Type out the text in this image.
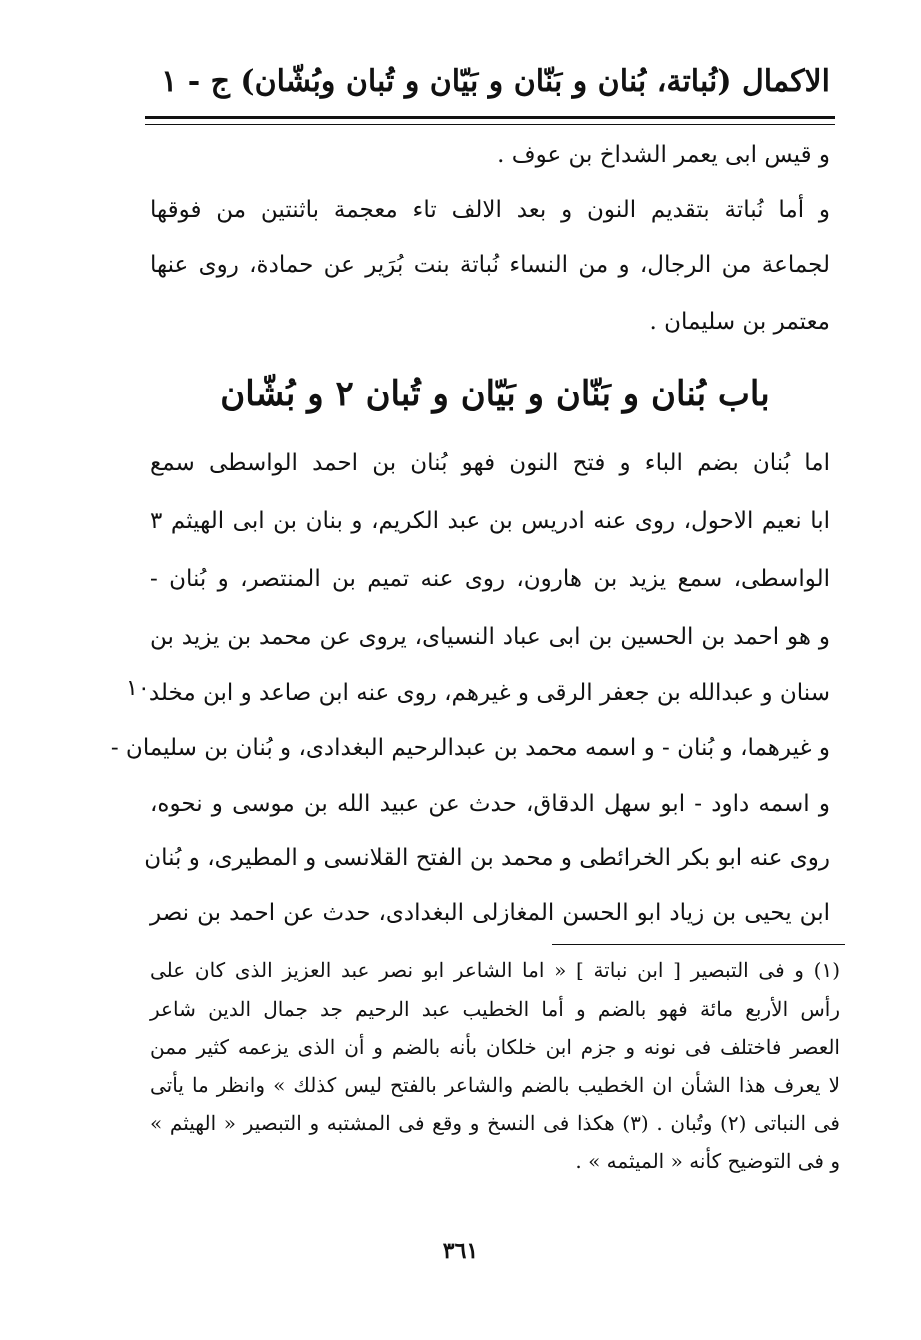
الاكمال (نُباتة، بُنان و بَنّان و بَيّان و تُبان وبُشّان) ج - ١
و قيس ابى يعمر الشداخ بن عوف .
و أما نُباتة بتقديم النون و بعد الالف تاء معجمة باثنتين من فوقها
لجماعة من الرجال، و من النساء نُباتة بنت بُرَير عن حمادة، روى عنها
معتمر بن سليمان .
باب بُنان و بَنّان و بَيّان و تُبان ٢ و بُشّان
اما بُنان بضم الباء و فتح النون فهو بُنان بن احمد الواسطى سمع
ابا نعيم الاحول، روى عنه ادريس بن عبد الكريم، و بنان بن ابى الهيثم ٣
الواسطى، سمع يزيد بن هارون، روى عنه تميم بن المنتصر، و بُنان -
و هو احمد بن الحسين بن ابى عباد النسياى، يروى عن محمد بن يزيد بن
سنان و عبدالله بن جعفر الرقى و غيرهم، روى عنه ابن صاعد و ابن مخلد
و غيرهما، و بُنان - و اسمه محمد بن عبدالرحيم البغدادى، و بُنان بن سليمان -
و اسمه داود - ابو سهل الدقاق، حدث عن عبيد الله بن موسى و نحوه،
روى عنه ابو بكر الخرائطى و محمد بن الفتح القلانسى و المطيرى، و بُنان
ابن يحيى بن زياد ابو الحسن المغازلى البغدادى، حدث عن احمد بن نصر
١٠
(١) و فى التبصير [ ابن نباتة ] « اما الشاعر ابو نصر عبد العزيز الذى كان على
رأس الأربع مائة فهو بالضم و أما الخطيب عبد الرحيم جد جمال الدين شاعر
العصر فاختلف فى نونه و جزم ابن خلكان بأنه بالضم و أن الذى يزعمه كثير ممن
لا يعرف هذا الشأن ان الخطيب بالضم والشاعر بالفتح ليس كذلك » وانظر ما يأتى
فى النباتى (٢) وتُبان . (٣) هكذا فى النسخ و وقع فى المشتبه و التبصير « الهيثم »
و فى التوضيح كأنه « الميثمه » .
٣٦١
